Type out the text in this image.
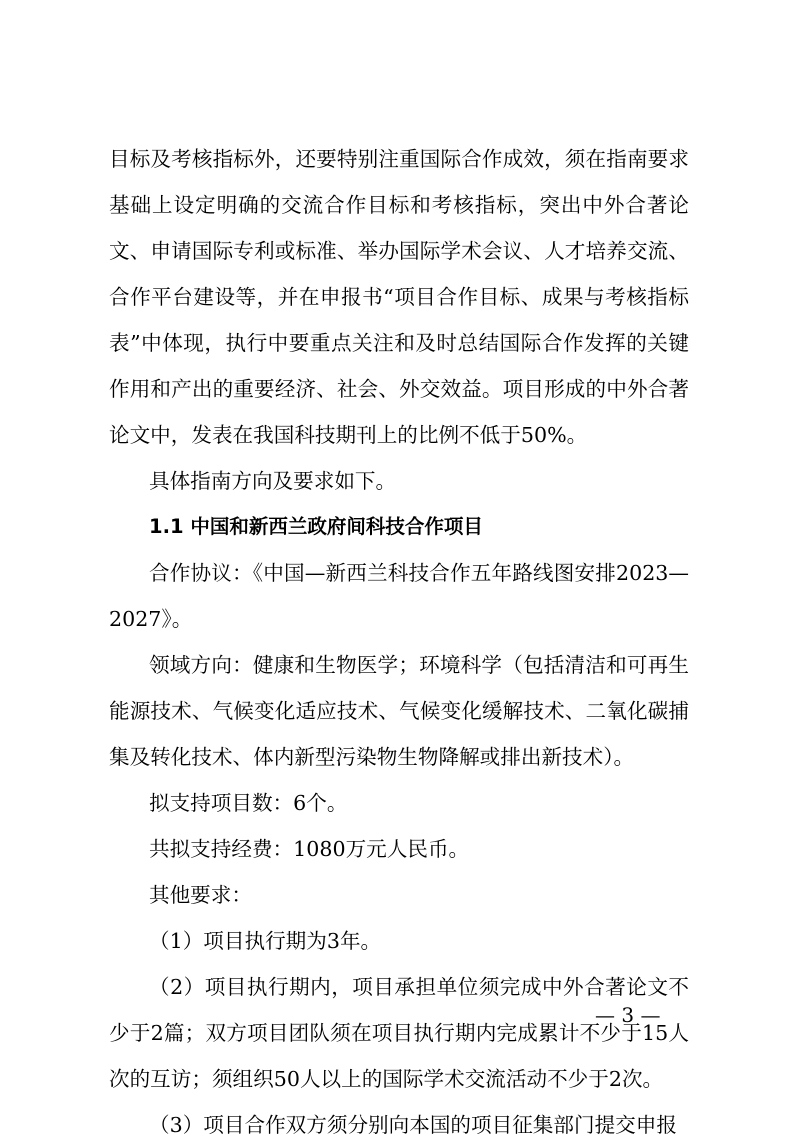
目标及考核指标外，还要特别注重国际合作成效，须在指南要求基础上设定明确的交流合作目标和考核指标，突出中外合著论文、申请国际专利或标准、举办国际学术会议、人才培养交流、合作平台建设等，并在申报书“项目合作目标、成果与考核指标表”中体现，执行中要重点关注和及时总结国际合作发挥的关键作用和产出的重要经济、社会、外交效益。项目形成的中外合著论文中，发表在我国科技期刊上的比例不低于50%。

具体指南方向及要求如下。

1.1 中国和新西兰政府间科技合作项目

合作协议：《中国—新西兰科技合作五年路线图安排2023—2027》。

领域方向：健康和生物医学；环境科学（包括清洁和可再生能源技术、气候变化适应技术、气候变化缓解技术、二氧化碳捕集及转化技术、体内新型污染物生物降解或排出新技术）。

拟支持项目数：6个。

共拟支持经费：1080万元人民币。

其他要求：

（1）项目执行期为3年。

（2）项目执行期内，项目承担单位须完成中外合著论文不少于2篇；双方项目团队须在项目执行期内完成累计不少于15人次的互访；须组织50人以上的国际学术交流活动不少于2次。

（3）项目合作双方须分别向本国的项目征集部门提交申报

— 3 —
